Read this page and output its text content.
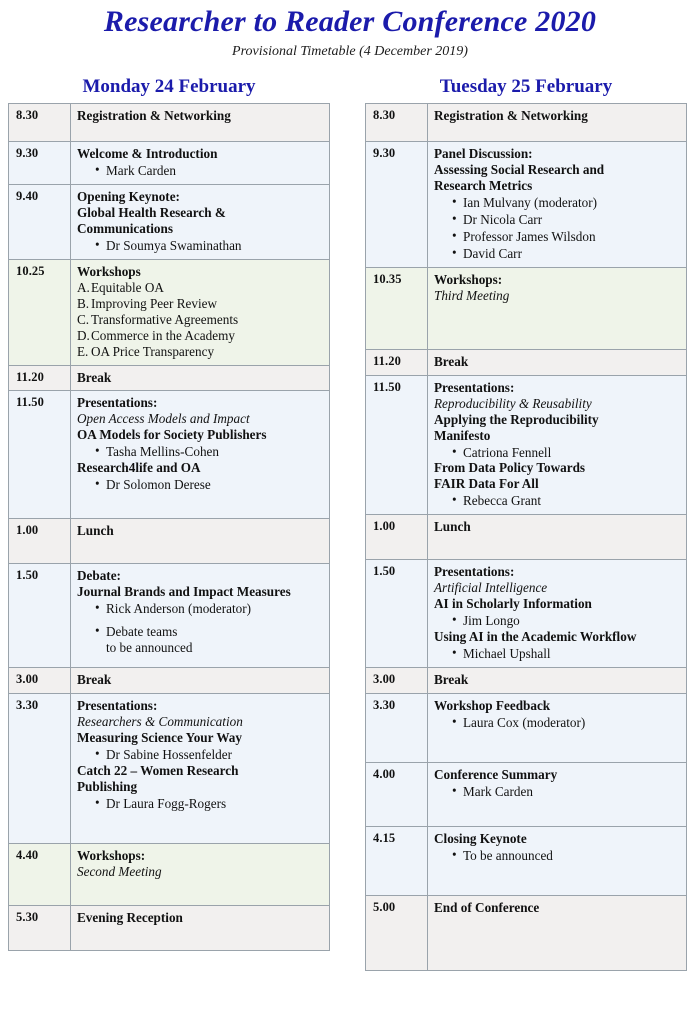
Researcher to Reader Conference 2020
Provisional Timetable (4 December 2019)
Monday 24 February
8.30	Registration & Networking

9.30	Welcome & Introduction
• Mark Carden

9.40	Opening Keynote:
Global Health Research &
Communications
• Dr Soumya Swaminathan

10.25	Workshops
A.Equitable OA
B. Improving Peer Review
C. Transformative Agreements
D.Commerce in the Academy
E. OA Price Transparency

11.20	Break

11.50	Presentations:
Open Access Models and Impact
OA Models for Society Publishers
• Tasha Mellins-Cohen
Research4life and OA
• Dr Solomon Derese

1.00	Lunch

1.50	Debate:
Journal Brands and Impact Measures
• Rick Anderson (moderator)
• Debate teams
to be announced

3.00	Break

3.30	Presentations:
Researchers & Communication
Measuring Science Your Way
• Dr Sabine Hossenfelder
Catch 22 – Women Research
Publishing
• Dr Laura Fogg-Rogers

4.40	Workshops:
Second Meeting

5.30	Evening Reception
Tuesday 25 February
8.30	Registration & Networking

9.30	Panel Discussion:
Assessing Social Research and
Research Metrics
• Ian Mulvany (moderator)
• Dr Nicola Carr
• Professor James Wilsdon
• David Carr

10.35	Workshops:
Third Meeting

11.20	Break

11.50	Presentations:
Reproducibility & Reusability
Applying the Reproducibility
Manifesto
• Catriona Fennell
From Data Policy Towards
FAIR Data For All
• Rebecca Grant

1.00	Lunch

1.50	Presentations:
Artificial Intelligence
AI in Scholarly Information
• Jim Longo
Using AI in the Academic Workflow
• Michael Upshall

3.00	Break

3.30	Workshop Feedback
• Laura Cox (moderator)

4.00	Conference Summary
• Mark Carden

4.15	Closing Keynote
• To be announced

5.00	End of Conference
